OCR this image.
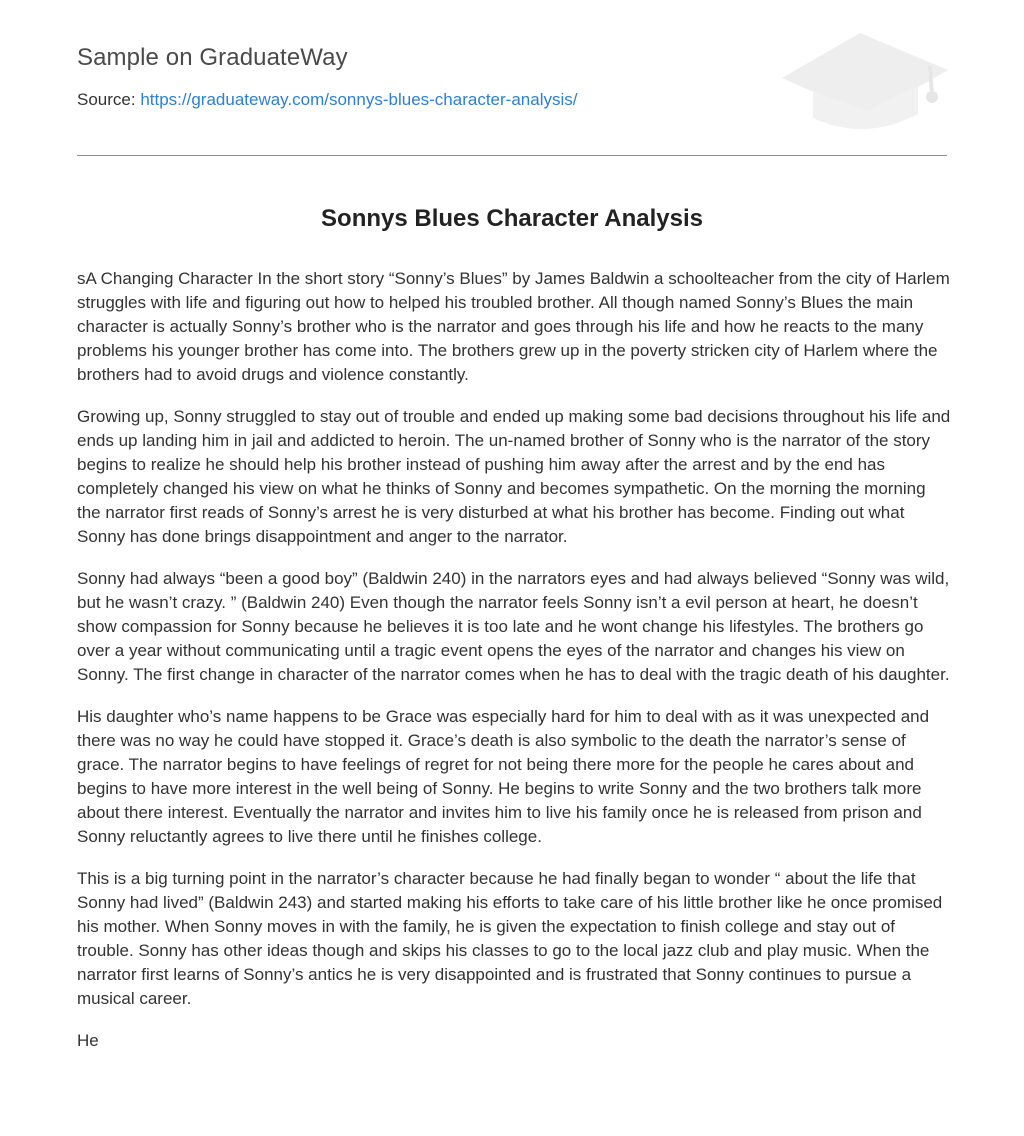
Sample on GraduateWay
Source: https://graduateway.com/sonnys-blues-character-analysis/
Sonnys Blues Character Analysis

sA Changing Character In the short story “Sonny’s Blues” by James Baldwin a schoolteacher from the city of Harlem struggles with life and figuring out how to helped his troubled brother. All though named Sonny’s Blues the main character is actually Sonny’s brother who is the narrator and goes through his life and how he reacts to the many problems his younger brother has come into. The brothers grew up in the poverty stricken city of Harlem where the brothers had to avoid drugs and violence constantly.

Growing up, Sonny struggled to stay out of trouble and ended up making some bad decisions throughout his life and ends up landing him in jail and addicted to heroin. The un-named brother of Sonny who is the narrator of the story begins to realize he should help his brother instead of pushing him away after the arrest and by the end has completely changed his view on what he thinks of Sonny and becomes sympathetic. On the morning the morning the narrator first reads of Sonny’s arrest he is very disturbed at what his brother has become. Finding out what Sonny has done brings disappointment and anger to the narrator.

Sonny had always “been a good boy” (Baldwin 240) in the narrators eyes and had always believed “Sonny was wild, but he wasn’t crazy. ” (Baldwin 240) Even though the narrator feels Sonny isn’t a evil person at heart, he doesn’t show compassion for Sonny because he believes it is too late and he wont change his lifestyles. The brothers go over a year without communicating until a tragic event opens the eyes of the narrator and changes his view on Sonny. The first change in character of the narrator comes when he has to deal with the tragic death of his daughter.

His daughter who’s name happens to be Grace was especially hard for him to deal with as it was unexpected and there was no way he could have stopped it. Grace’s death is also symbolic to the death the narrator’s sense of grace. The narrator begins to have feelings of regret for not being there more for the people he cares about and begins to have more interest in the well being of Sonny. He begins to write Sonny and the two brothers talk more about there interest. Eventually the narrator and invites him to live his family once he is released from prison and Sonny reluctantly agrees to live there until he finishes college.

This is a big turning point in the narrator’s character because he had finally began to wonder “ about the life that Sonny had lived” (Baldwin 243) and started making his efforts to take care of his little brother like he once promised his mother. When Sonny moves in with the family, he is given the expectation to finish college and stay out of trouble. Sonny has other ideas though and skips his classes to go to the local jazz club and play music. When the narrator first learns of Sonny’s antics he is very disappointed and is frustrated that Sonny continues to pursue a musical career.

He
